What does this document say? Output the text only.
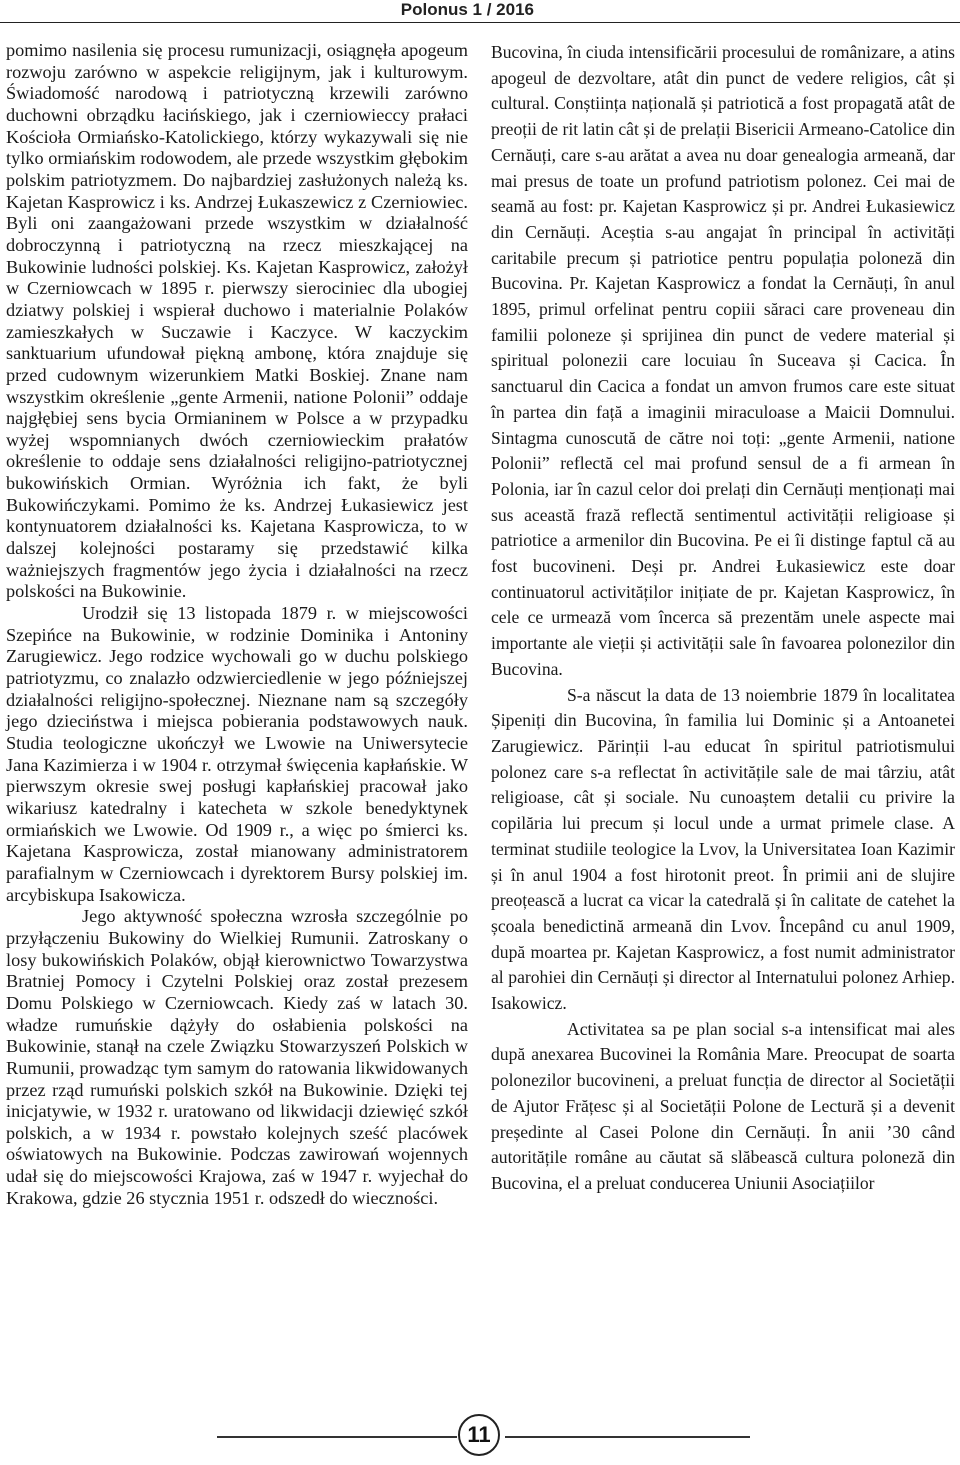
Polonus 1 / 2016

pomimo nasilenia się procesu rumunizacji, osiągnęła apogeum rozwoju zarówno w aspekcie religijnym, jak i kulturowym. Świadomość narodową i patriotyczną krzewili zarówno duchowni obrządku łacińskiego, jak i czerniowieccy prałaci Kościoła Ormiańsko-Katolickiego, którzy wykazywali się nie tylko ormiańskim rodowodem, ale przede wszystkim głębokim polskim patriotyzmem. Do najbardziej zasłużonych należą ks. Kajetan Kasprowicz i ks. Andrzej Łukaszewicz z Czerniowiec. Byli oni zaangażowani przede wszystkim w działalność dobroczynną i patriotyczną na rzecz mieszkającej na Bukowinie ludności polskiej. Ks. Kajetan Kasprowicz, założył w Czerniowcach w 1895 r. pierwszy sierociniec dla ubogiej dziatwy polskiej i wspierał duchowo i materialnie Polaków zamieszkałych w Suczawie i Kaczyce. W kaczyckim sanktuarium ufundował piękną ambonę, która znajduje się przed cudownym wizerunkiem Matki Boskiej. Znane nam wszystkim określenie „gente Armenii, natione Polonii” oddaje najgłębiej sens bycia Ormianinem w Polsce a w przypadku wyżej wspomnianych dwóch czerniowieckim prałatów określenie to oddaje sens działalności religijno-patriotycznej bukowińskich Ormian. Wyróżnia ich fakt, że byli Bukowińczykami. Pomimo że ks. Andrzej Łukasiewicz jest kontynuatorem działalności ks. Kajetana Kasprowicza, to w dalszej kolejności postaramy się przedstawić kilka ważniejszych fragmentów jego życia i działalności na rzecz polskości na Bukowinie.

Urodził się 13 listopada 1879 r. w miejscowości Szepińce na Bukowinie, w rodzinie Dominika i Antoniny Zarugiewicz. Jego rodzice wychowali go w duchu polskiego patriotyzmu, co znalazło odzwierciedlenie w jego późniejszej działalności religijno-społecznej. Nieznane nam są szczegóły jego dzieciństwa i miejsca pobierania podstawowych nauk. Studia teologiczne ukończył we Lwowie na Uniwersytecie Jana Kazimierza i w 1904 r. otrzymał święcenia kapłańskie. W pierwszym okresie swej posługi kapłańskiej pracował jako wikariusz katedralny i katecheta w szkole benedyktynek ormiańskich we Lwowie. Od 1909 r., a więc po śmierci ks. Kajetana Kasprowicza, został mianowany administratorem parafialnym w Czerniowcach i dyrektorem Bursy polskiej im. arcybiskupa Isakowicza.

Jego aktywność społeczna wzrosła szczególnie po przyłączeniu Bukowiny do Wielkiej Rumunii. Zatroskany o losy bukowińskich Polaków, objął kierownictwo Towarzystwa Bratniej Pomocy i Czytelni Polskiej oraz został prezesem Domu Polskiego w Czerniowcach. Kiedy zaś w latach 30. władze rumuńskie dążyły do osłabienia polskości na Bukowinie, stanął na czele Związku Stowarzyszeń Polskich w Rumunii, prowadząc tym samym do ratowania likwidowanych przez rząd rumuński polskich szkół na Bukowinie. Dzięki tej inicjatywie, w 1932 r. uratowano od likwidacji dziewięć szkół polskich, a w 1934 r. powstało kolejnych sześć placówek oświatowych na Bukowinie. Podczas zawirowań wojennych udał się do miejscowości Krajowa, zaś w 1947 r. wyjechał do Krakowa, gdzie 26 stycznia 1951 r. odszedł do wieczności.

Bucovina, în ciuda intensificării procesului de românizare, a atins apogeul de dezvoltare, atât din punct de vedere religios, cât și cultural. Conștiința națională și patriotică a fost propagată atât de preoții de rit latin cât și de prelații Bisericii Armeano-Catolice din Cernăuți, care s-au arătat a avea nu doar genealogia armeană, dar mai presus de toate un profund patriotism polonez. Cei mai de seamă au fost: pr. Kajetan Kasprowicz și pr. Andrei Łukasiewicz din Cernăuți. Aceștia s-au angajat în principal în activități caritabile precum și patriotice pentru populația poloneză din Bucovina. Pr. Kajetan Kasprowicz a fondat la Cernăuți, în anul 1895, primul orfelinat pentru copiii săraci care proveneau din familii poloneze și sprijinea din punct de vedere material și spiritual polonezii care locuiau în Suceava și Cacica. În sanctuarul din Cacica a fondat un amvon frumos care este situat în partea din față a imaginii miraculoase a Maicii Domnului. Sintagma cunoscută de către noi toți: „gente Armenii, natione Polonii” reflectă cel mai profund sensul de a fi armean în Polonia, iar în cazul celor doi prelați din Cernăuți menționați mai sus această frază reflectă sentimentul activității religioase și patriotice a armenilor din Bucovina. Pe ei îi distinge faptul că au fost bucovineni. Deși pr. Andrei Łukasiewicz este doar continuatorul activităților inițiate de pr. Kajetan Kasprowicz, în cele ce urmează vom încerca să prezentăm unele aspecte mai importante ale vieții și activității sale în favoarea polonezilor din Bucovina.

S-a născut la data de 13 noiembrie 1879 în localitatea Șipeniți din Bucovina, în familia lui Dominic și a Antoanetei Zarugiewicz. Părinții l-au educat în spiritul patriotismului polonez care s-a reflectat în activitățile sale de mai târziu, atât religioase, cât și sociale. Nu cunoaștem detalii cu privire la copilăria lui precum și locul unde a urmat primele clase. A terminat studiile teologice la Lvov, la Universitatea Ioan Kazimir și în anul 1904 a fost hirotonit preot. În primii ani de slujire preoțească a lucrat ca vicar la catedrală și în calitate de catehet la școala benedictină armeană din Lvov. Începând cu anul 1909, după moartea pr. Kajetan Kasprowicz, a fost numit administrator al parohiei din Cernăuți și director al Internatului polonez Arhiep. Isakowicz.

Activitatea sa pe plan social s-a intensificat mai ales după anexarea Bucovinei la România Mare. Preocupat de soarta polonezilor bucovineni, a preluat funcția de director al Societății de Ajutor Frățesc și al Societății Polone de Lectură și a devenit președinte al Casei Polone din Cernăuți. În anii ’30 când autoritățile române au căutat să slăbească cultura poloneză din Bucovina, el a preluat conducerea Uniunii Asociațiilor

11
